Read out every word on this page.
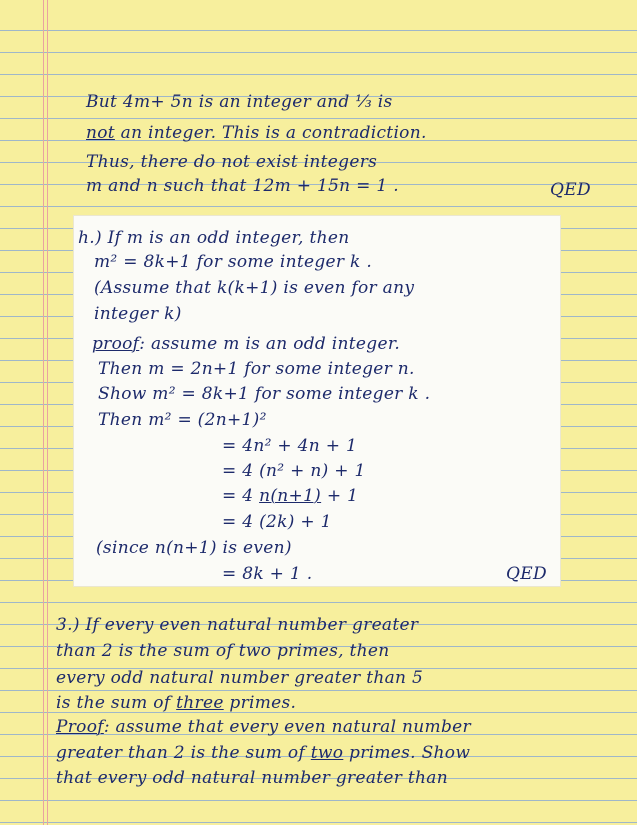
But 4m+ 5n is an integer and ⅓ is
not an integer. This is a contradiction.
Thus, there do not exist integers
m and n such that 12m + 15n = 1 .	QED
h.) If m is an odd integer, then
m² = 8k+1 for some integer k .
(Assume that k(k+1) is even for any
integer k)
proof: assume m is an odd integer.
Then m = 2n+1 for some integer n.
Show m² = 8k+1 for some integer k .
Then m² = (2n+1)²
= 4n² + 4n + 1
= 4 (n² + n) + 1
= 4 n(n+1) + 1
= 4 (2k) + 1
(since n(n+1) is even)
= 8k + 1 .	QED
3.) If every even natural number greater
than 2 is the sum of two primes, then
every odd natural number greater than 5
is the sum of three primes.
Proof: assume that every even natural number
greater than 2 is the sum of two primes. Show
that every odd natural number greater than
